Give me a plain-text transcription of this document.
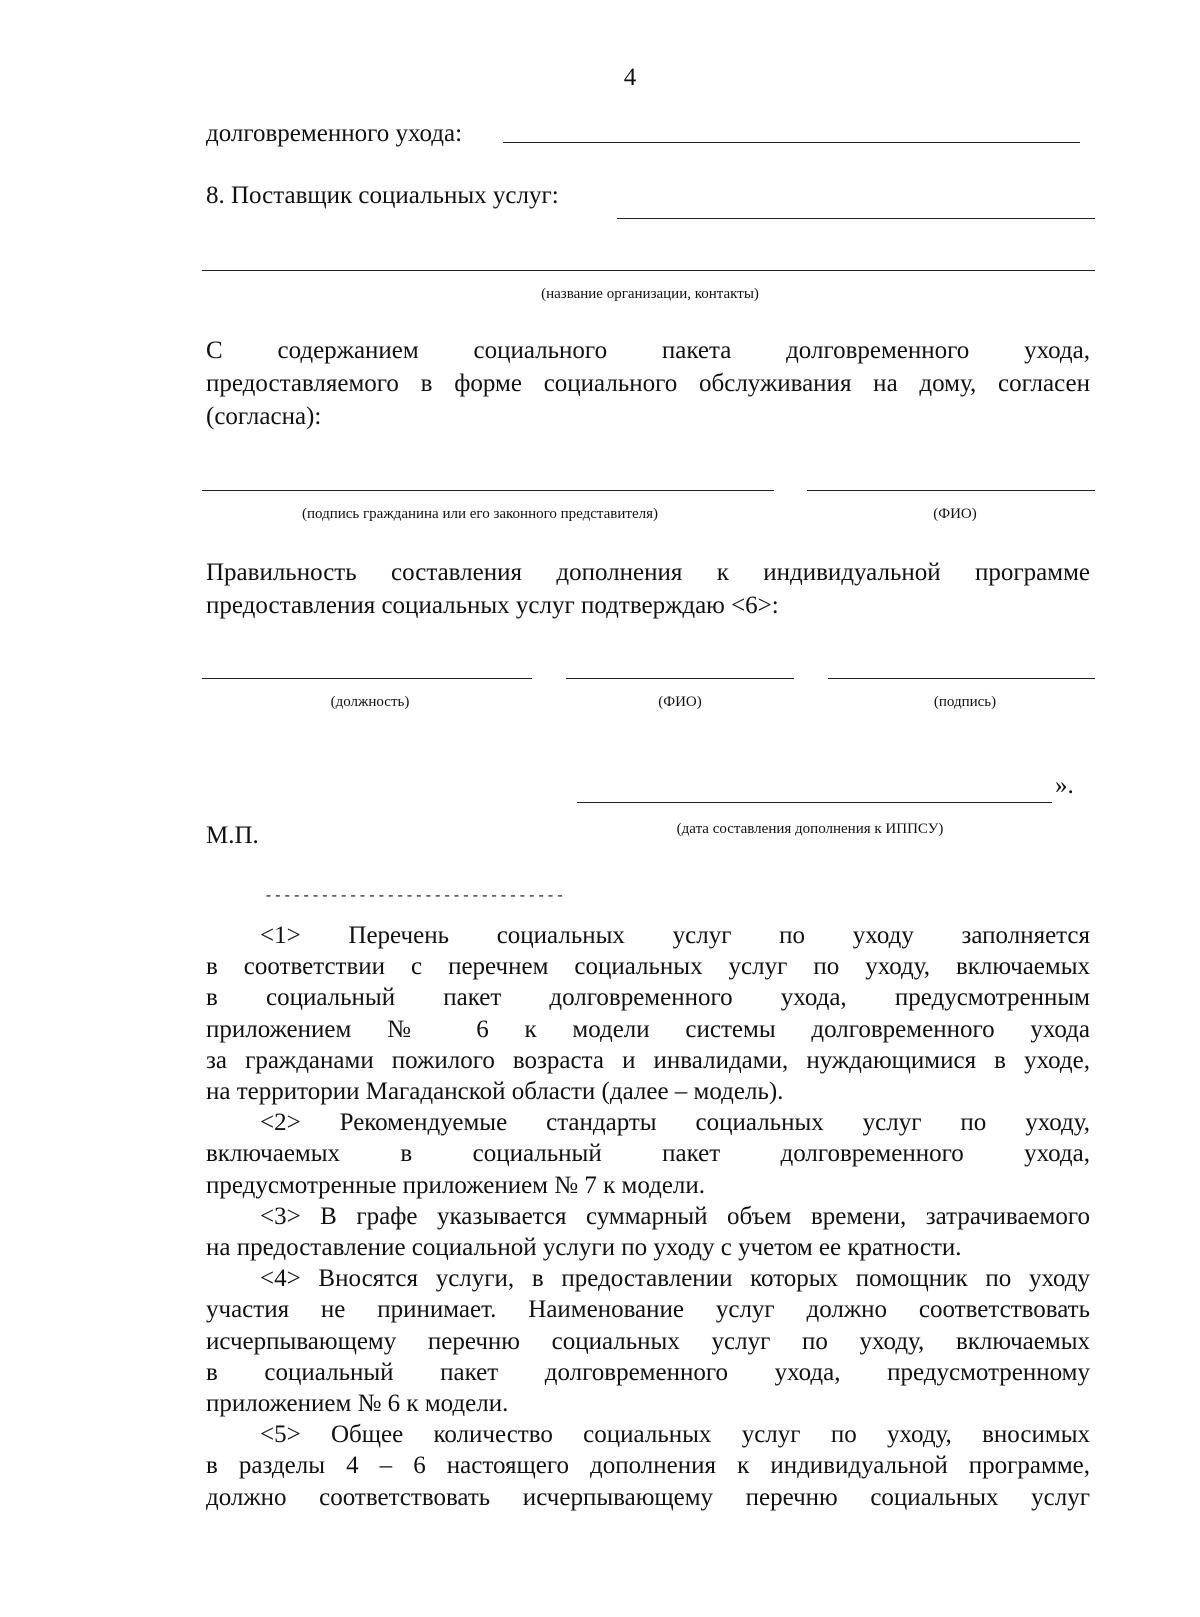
4
долговременного ухода:
8. Поставщик социальных услуг:
(название организации, контакты)
С содержанием социального пакета долговременного ухода,
предоставляемого в форме социального обслуживания на дому, согласен
(согласна):
(подпись гражданина или его законного представителя)	(ФИО)
Правильность составления дополнения к индивидуальной программе
предоставления социальных услуг подтверждаю <6>:
(должность)	(ФИО)	(подпись)
».
(дата составления дополнения к ИППСУ)
М.П.
--------------------------------
<1> Перечень социальных услуг по уходу заполняется
в соответствии с перечнем социальных услуг по уходу, включаемых
в социальный пакет долговременного ухода, предусмотренным
приложением № 6 к модели системы долговременного ухода
за гражданами пожилого возраста и инвалидами, нуждающимися в уходе,
на территории Магаданской области (далее – модель).
<2> Рекомендуемые стандарты социальных услуг по уходу,
включаемых в социальный пакет долговременного ухода,
предусмотренные приложением № 7 к модели.
<3> В графе указывается суммарный объем времени, затрачиваемого
на предоставление социальной услуги по уходу с учетом ее кратности.
<4> Вносятся услуги, в предоставлении которых помощник по уходу
участия не принимает. Наименование услуг должно соответствовать
исчерпывающему перечню социальных услуг по уходу, включаемых
в социальный пакет долговременного ухода, предусмотренному
приложением № 6 к модели.
<5> Общее количество социальных услуг по уходу, вносимых
в разделы 4 – 6 настоящего дополнения к индивидуальной программе,
должно соответствовать исчерпывающему перечню социальных услуг
